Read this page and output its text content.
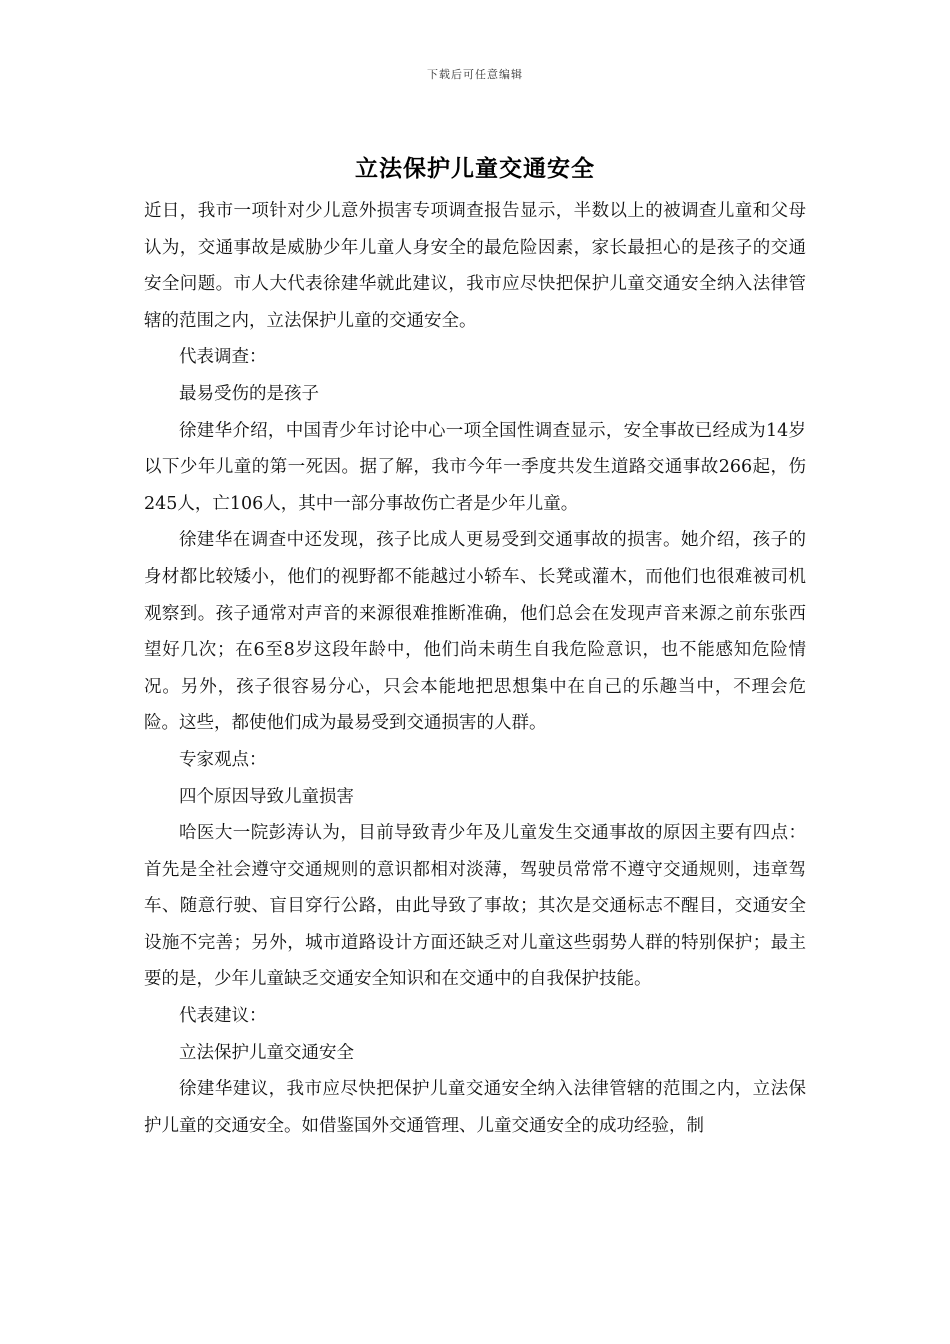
下载后可任意编辑
立法保护儿童交通安全

近日，我市一项针对少儿意外损害专项调查报告显示，半数以上的被调查儿童和父母认为，交通事故是威胁少年儿童人身安全的最危险因素，家长最担心的是孩子的交通安全问题。市人大代表徐建华就此建议，我市应尽快把保护儿童交通安全纳入法律管辖的范围之内，立法保护儿童的交通安全。

代表调查：

最易受伤的是孩子

徐建华介绍，中国青少年讨论中心一项全国性调查显示，安全事故已经成为14岁以下少年儿童的第一死因。据了解，我市今年一季度共发生道路交通事故266起，伤245人，亡106人，其中一部分事故伤亡者是少年儿童。

徐建华在调查中还发现，孩子比成人更易受到交通事故的损害。她介绍，孩子的身材都比较矮小，他们的视野都不能越过小轿车、长凳或灌木，而他们也很难被司机观察到。孩子通常对声音的来源很难推断准确，他们总会在发现声音来源之前东张西望好几次；在6至8岁这段年龄中，他们尚未萌生自我危险意识，也不能感知危险情况。另外，孩子很容易分心，只会本能地把思想集中在自己的乐趣当中，不理会危险。这些，都使他们成为最易受到交通损害的人群。

专家观点：

四个原因导致儿童损害

哈医大一院彭涛认为，目前导致青少年及儿童发生交通事故的原因主要有四点：首先是全社会遵守交通规则的意识都相对淡薄，驾驶员常常不遵守交通规则，违章驾车、随意行驶、盲目穿行公路，由此导致了事故；其次是交通标志不醒目，交通安全设施不完善；另外，城市道路设计方面还缺乏对儿童这些弱势人群的特别保护；最主要的是，少年儿童缺乏交通安全知识和在交通中的自我保护技能。

代表建议：

立法保护儿童交通安全

徐建华建议，我市应尽快把保护儿童交通安全纳入法律管辖的范围之内，立法保护儿童的交通安全。如借鉴国外交通管理、儿童交通安全的成功经验，制
